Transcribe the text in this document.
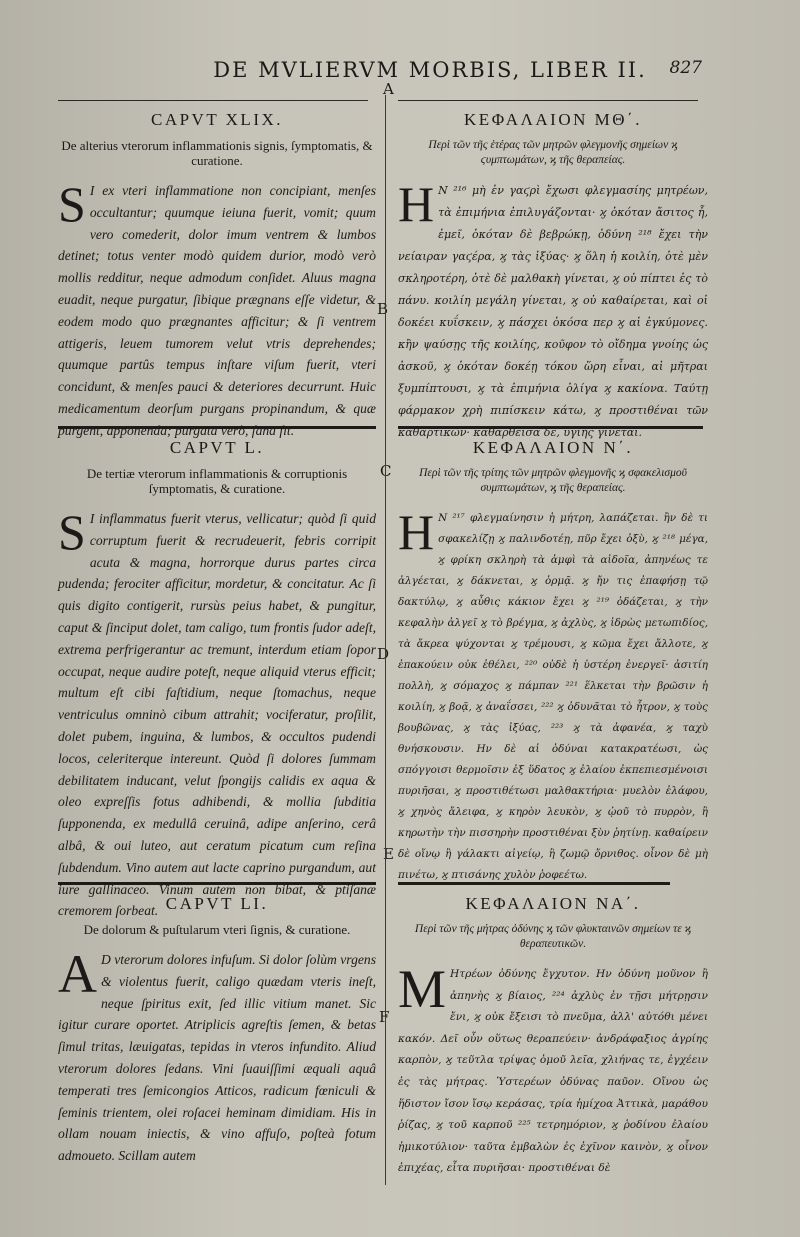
DE MVLIERVM MORBIS, LIBER II.	827
A
B
C
D
E
F
CAPVT XLIX.
De alterius vterorum inflammationis signis, ſymptomatis, & curatione.

S I ex vteri inflammatione non concipiant, menſes occultantur; quumque ieiuna fuerit, vomit; quum vero comederit, dolor imum ventrem & lumbos detinet; totus venter modò quidem durior, modò verò mollis redditur, neque admodum conſidet. Aluus magna euadit, neque purgatur, ſibique prægnans eſſe videtur, & eodem modo quo prægnantes afficitur; & ſi ventrem attigeris, leuem tumorem velut vtris deprehendes; quumque partûs tempus inſtare viſum fuerit, vteri concidunt, & menſes pauci & deteriores decurrunt. Huic medicamentum deorſum purgans propinandum, & quæ purgent, apponenda; purgata verò, ſana fit.

ΚΕΦΑΛΑΙΟΝ ΜΘ΄.
Περὶ τῶν τῆς ἑτέρας τῶν μητρῶν φλεγμονῆς σημείων ϗ ϛυμπτωμάτων, ϗ τῆς θεραπείας.

Η Ν ²¹⁶ μὴ ἐν γαϛρὶ ἔχωσι φλεγμασίης μητρέων, τὰ ἐπιμήνια ἐπιλυγάζονται· ϗ ὁκόταν ἄσιτος ἦ, ἐμεῖ, ὁκόταν δὲ βεβρώκῃ, ὀδύνη ²¹⁸ ἔχει τὴν νείαιραν γαϛέρα, ϗ τὰς ἰξύας· ϗ ὅλη ἡ κοιλίη, ὁτὲ μὲν σκληροτέρη, ὁτὲ δὲ μαλθακὴ γίνεται, ϗ οὐ πίπτει ἐς τὸ πάνυ. κοιλίη μεγάλη γίνεται, ϗ οὐ καθαίρεται, καὶ οἱ δοκέει κυΐσκειν, ϗ πάσχει ὁκόσα περ ϗ αἱ ἐγκύμονες. κἢν ψαύσῃς τῆς κοιλίης, κοῦφον τὸ οἴδημα γνοίης ὡς ἀσκοῦ, ϗ ὁκόταν δοκέῃ τόκου ὥρη εἶναι, αἱ μῆτραι ξυμπίπτουσι, ϗ τὰ ἐπιμήνια ὀλίγα ϗ κακίονα. Ταύτῃ φάρμακον χρὴ πιπίσκειν κάτω, ϗ προστιθέναι τῶν καθαρτικῶν· καθαρθεῖσα δὲ, ὑγιὴς γίνεται.

CAPVT L.
De tertiæ vterorum inflammationis & corruptionis ſymptomatis, & curatione.

S I inflammatus fuerit vterus, vellicatur; quòd ſi quid corruptum fuerit & recrudeuerit, febris corripit acuta & magna, horrorque durus partes circa pudenda; ferociter afficitur, mordetur, & concitatur. Ac ſi quis digito contigerit, rursùs peius habet, & pungitur, caput & ſinciput dolet, tam caligo, tum frontis ſudor adeſt, extrema perfrigerantur ac tremunt, interdum etiam ſopor occupat, neque audire poteſt, neque aliquid vterus efficit; multum eſt cibi faſtidium, neque ſtomachus, neque ventriculus omninò cibum attrahit; vociferatur, proſilit, dolet pubem, inguina, & lumbos, & occultos pudendi locos, celeriterque intereunt. Quòd ſi dolores ſummam debilitatem inducant, velut ſpongijs calidis ex aqua & oleo expreſſis fotus adhibendi, & mollia ſubditia ſupponenda, ex medullâ ceruinâ, adipe anſerino, cerâ albâ, & oui luteo, aut ceratum picatum cum reſina ſubdendum. Vino autem aut lacte caprino purgandum, aut iure gallinaceo. Vinum autem non bibat, & ptiſanæ cremorem ſorbeat.

ΚΕΦΑΛΑΙΟΝ Ν΄.
Περὶ τῶν τῆς τρίτης τῶν μητρῶν φλεγμονῆς ϗ σφακελισμοῦ συμπτωμάτων, ϗ τῆς θεραπείας.

Η Ν ²¹⁷ φλεγμαίνησιν ἡ μήτρη, λαπάζεται. ἢν δὲ τι σφακελίζῃ ϗ παλινδοτέῃ, πῦρ ἔχει ὀξὺ, ϗ ²¹⁸ μέγα, ϗ φρίκη σκληρὴ τὰ ἀμφὶ τὰ αἰδοῖα, ἀπηνέως τε ἀλγέεται, ϗ δάκνεται, ϗ ὁρμᾷ. ϗ ἤν τις ἐπαφήσῃ τῷ δακτύλῳ, ϗ αὖθις κάκιον ἔχει ϗ ²¹⁹ ὀδάζεται, ϗ τὴν κεφαλὴν ἀλγεῖ ϗ τὸ βρέγμα, ϗ ἀχλὺς, ϗ ἱδρὼς μετωπιδίος, τὰ ἄκρεα ψύχονται ϗ τρέμουσι, ϗ κῶμα ἔχει ἄλλοτε, ϗ ἐπακούειν οὐκ ἐθέλει, ²²⁰ οὐδὲ ἡ ὑστέρη ἐνεργεῖ· ἀσιτίη πολλὴ, ϗ σόμαχος ϗ πάμπαν ²²¹ ἕλκεται τὴν βρῶσιν ἡ κοιλίη, ϗ βοᾷ, ϗ ἀναΐσσει, ²²² ϗ ὀδυνᾶται τὸ ἦτρον, ϗ τοὺς βουβῶνας, ϗ τὰς ἰξύας, ²²³ ϗ τὰ ἀφανέα, ϗ ταχὺ θνήσκουσιν. Ην δὲ αἱ ὀδύναι κατακρατέωσι, ὡς σπόγγοισι θερμοῖσιν ἐξ ὕδατος ϗ ἐλαίου ἐκπεπιεσμένοισι πυριῆσαι, ϗ προστιθέτωσι μαλθακτήρια· μυελὸν ἐλάφου, ϗ χηνὸς ἄλειφα, ϗ κηρὸν λευκὸν, ϗ ᾠοῦ τὸ πυρρὸν, ἢ κηρωτὴν τὴν πισσηρὴν προστιθέναι ξὺν ῥητίνῃ. καθαίρειν δὲ οἴνῳ ἢ γάλακτι αἰγείῳ, ἢ ζωμῷ ὄρνιθος. οἶνον δὲ μὴ πινέτω, ϗ πτισάνης χυλὸν ῥοφεέτω.

CAPVT LI.
De dolorum & puſtularum vteri ſignis, & curatione.

A D vterorum dolores infuſum. Si dolor ſolùm vrgens & violentus fuerit, caligo quædam vteris ineſt, neque ſpiritus exit, ſed illic vitium manet. Sic igitur curare oportet. Atriplicis agreſtis ſemen, & betas ſimul tritas, læuigatas, tepidas in vteros infundito. Aliud vterorum dolores ſedans. Vini ſuauiſſimi æquali aquâ temperati tres ſemicongios Atticos, radicum fœniculi & ſeminis trientem, olei roſacei heminam dimidiam. His in ollam nouam iniectis, & vino affuſo, poſteà fotum admoueto. Scillam autem

ΚΕΦΑΛΑΙΟΝ ΝΑ΄.
Περὶ τῶν τῆς μήτρας ὀδύνης ϗ τῶν φλυκταινῶν σημείων τε ϗ θεραπευτικῶν.

Μ Ητρέων ὀδύνης ἔγχυτον. Ην ὀδύνη μοῦνον ἢ ἀπηνὴς ϗ βίαιος, ²²⁴ ἀχλὺς ἐν τῇσι μήτρῃσιν ἔνι, ϗ οὐκ ἔξεισι τὸ πνεῦμα, ἀλλ' αὐτόθι μένει κακόν. Δεῖ οὖν οὕτως θεραπεύειν· ἀνδράφαξιος ἀγρίης καρπὸν, ϗ τεῦτλα τρίψας ὁμοῦ λεῖα, χλιήνας τε, ἐγχέειν ἐς τὰς μήτρας. Ὑστερέων ὀδύνας παῦον. Οἴνου ὡς ἥδιστον ἴσον ἴσῳ κεράσας, τρία ἡμίχοα Ἀττικὰ, μαράθου ῥίζας, ϗ τοῦ καρποῦ ²²⁵ τετρημόριον, ϗ ῥοδίνου ἐλαίου ἡμικοτύλιον· ταῦτα ἐμβαλὼν ἐς ἐχῖνον καινὸν, ϗ οἶνον ἐπιχέας, εἶτα πυριῆσαι· προστιθέναι δὲ
